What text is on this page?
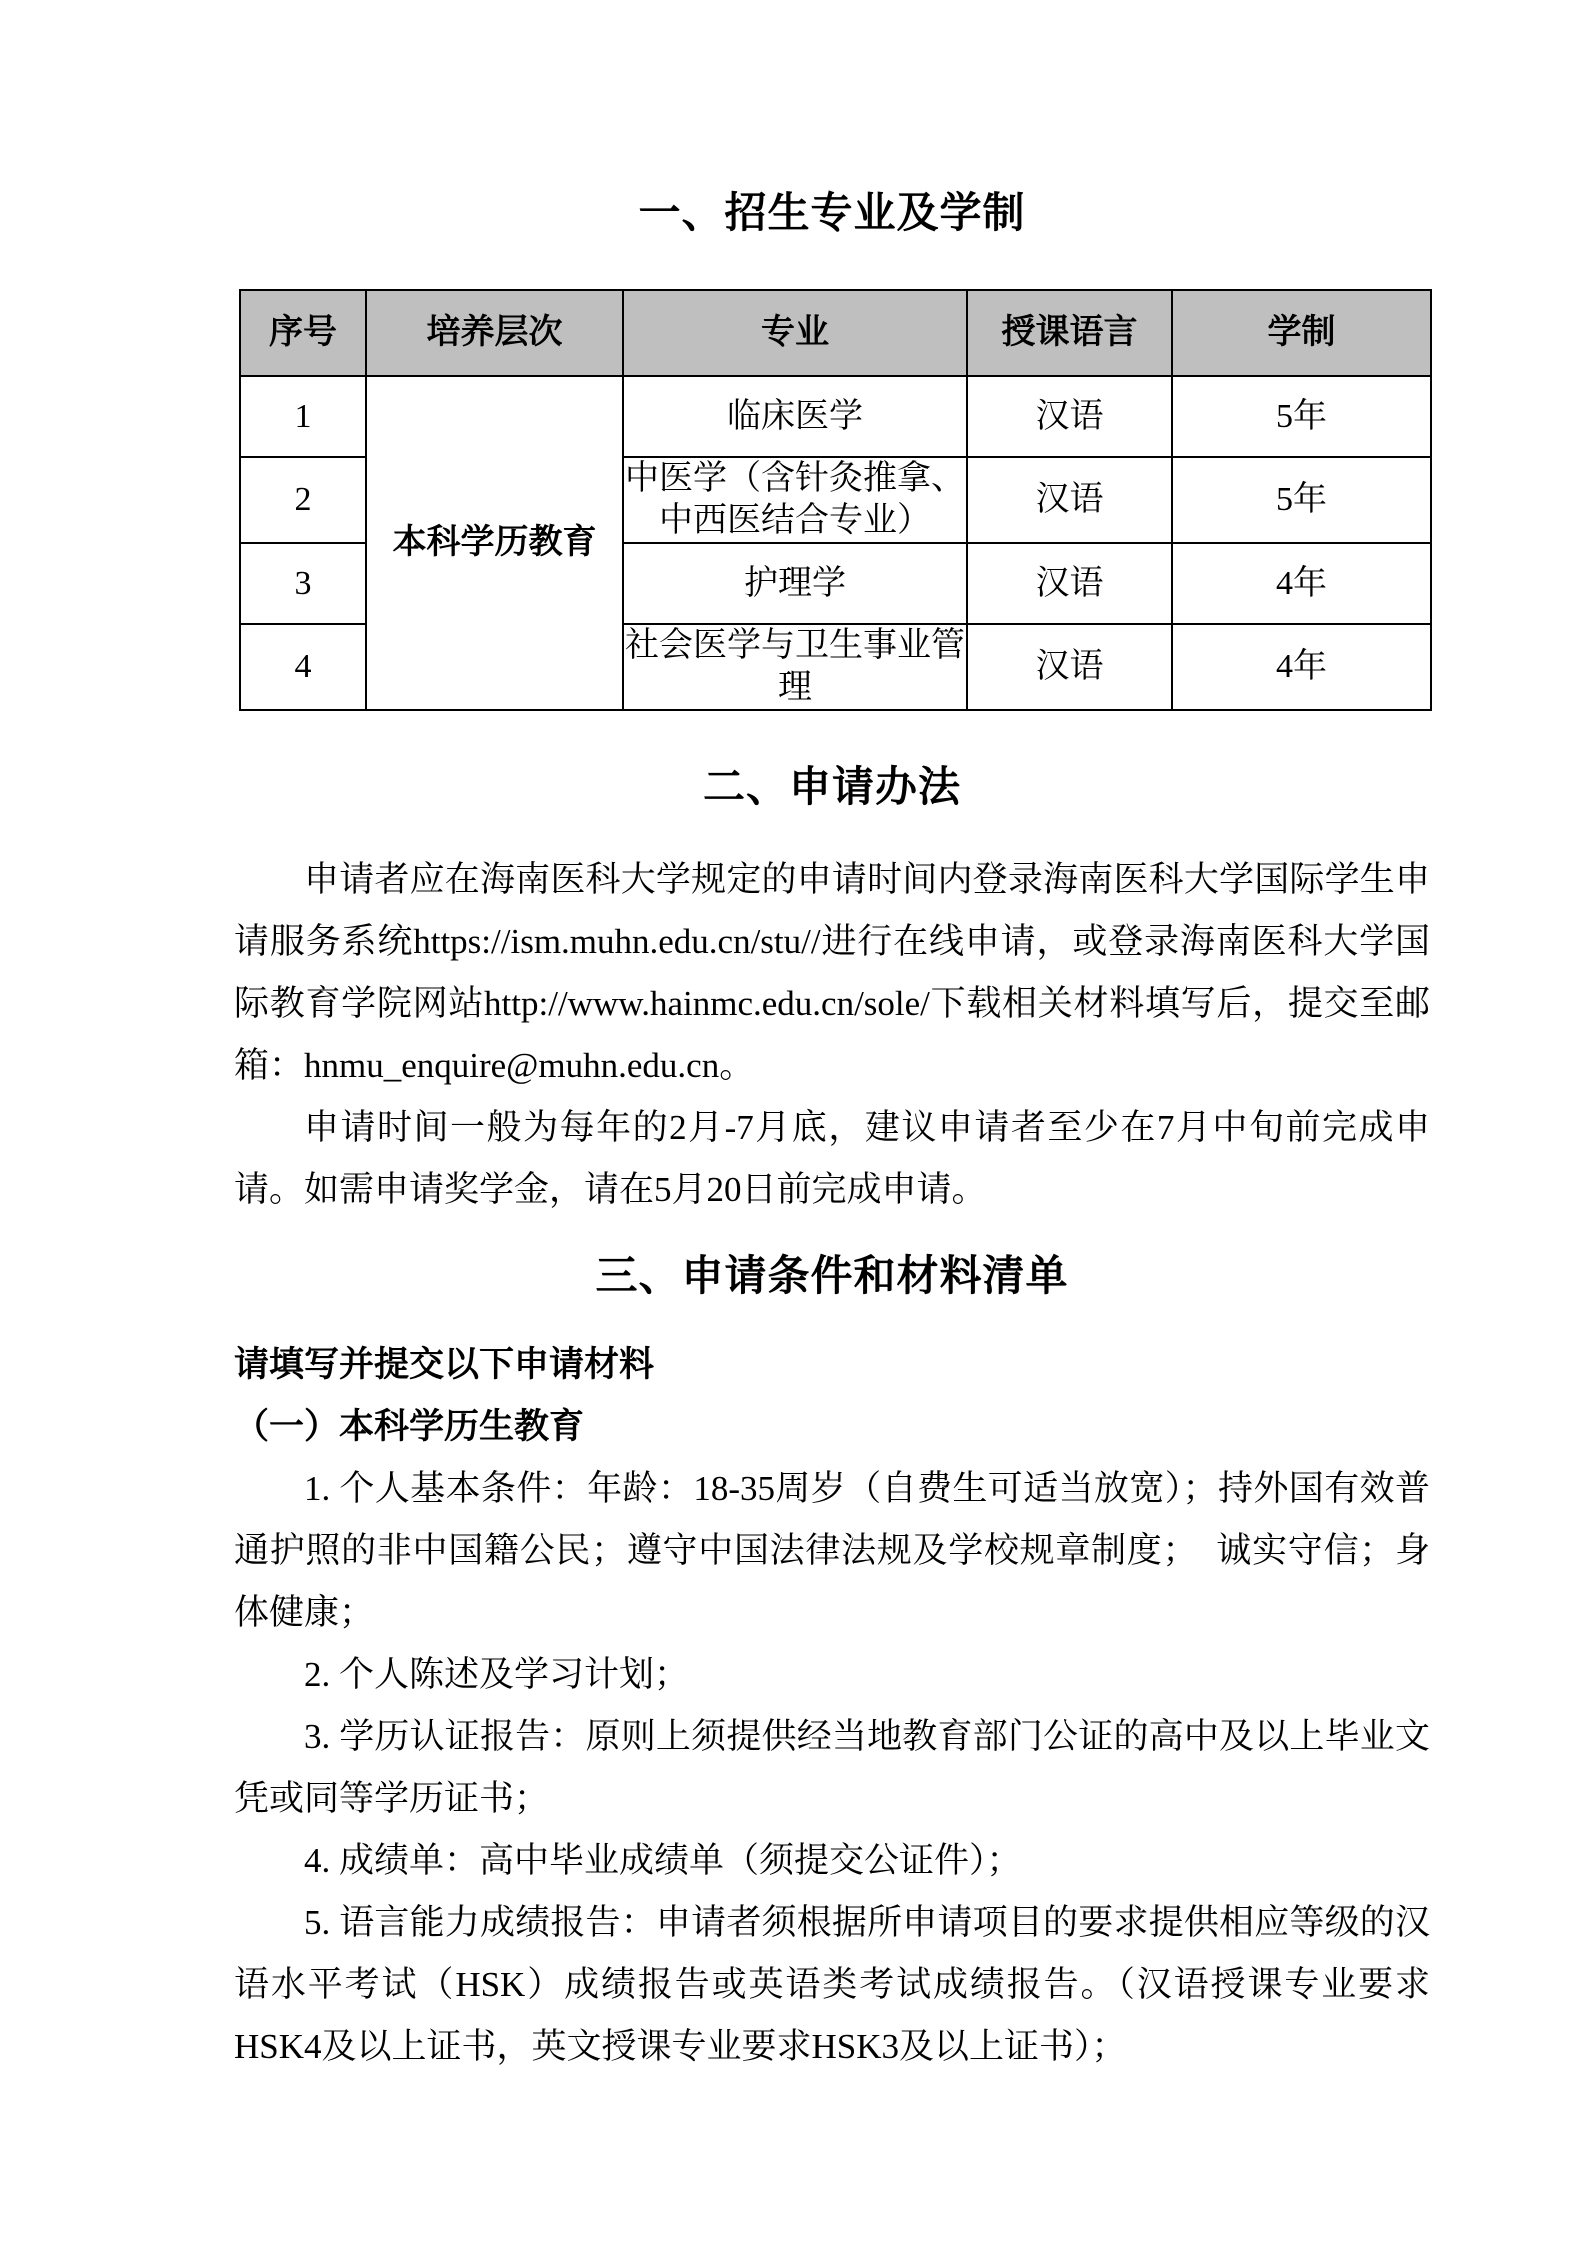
一、招生专业及学制
序号	培养层次	专业	授课语言	学制
1	本科学历教育	临床医学	汉语	5年
2		中医学（含针灸推拿、中西医结合专业）	汉语	5年
3		护理学	汉语	4年
4		社会医学与卫生事业管理	汉语	4年
二、申请办法

申请者应在海南医科大学规定的申请时间内登录海南医科大学国际学生申请服务系统https://ism.muhn.edu.cn/stu//进行在线申请，或登录海南医科大学国际教育学院网站http://www.hainmc.edu.cn/sole/下载相关材料填写后，提交至邮箱：hnmu_enquire@muhn.edu.cn。

申请时间一般为每年的2月-7月底，建议申请者至少在7月中旬前完成申请。如需申请奖学金，请在5月20日前完成申请。

三、申请条件和材料清单

请填写并提交以下申请材料

（一）本科学历生教育

1. 个人基本条件：年龄：18-35周岁（自费生可适当放宽）；持外国有效普通护照的非中国籍公民；遵守中国法律法规及学校规章制度；　诚实守信；身体健康；

2. 个人陈述及学习计划；

3. 学历认证报告：原则上须提供经当地教育部门公证的高中及以上毕业文凭或同等学历证书；

4. 成绩单：高中毕业成绩单（须提交公证件）；

5. 语言能力成绩报告：申请者须根据所申请项目的要求提供相应等级的汉语水平考试（HSK）成绩报告或英语类考试成绩报告。（汉语授课专业要求HSK4及以上证书，英文授课专业要求HSK3及以上证书）；
